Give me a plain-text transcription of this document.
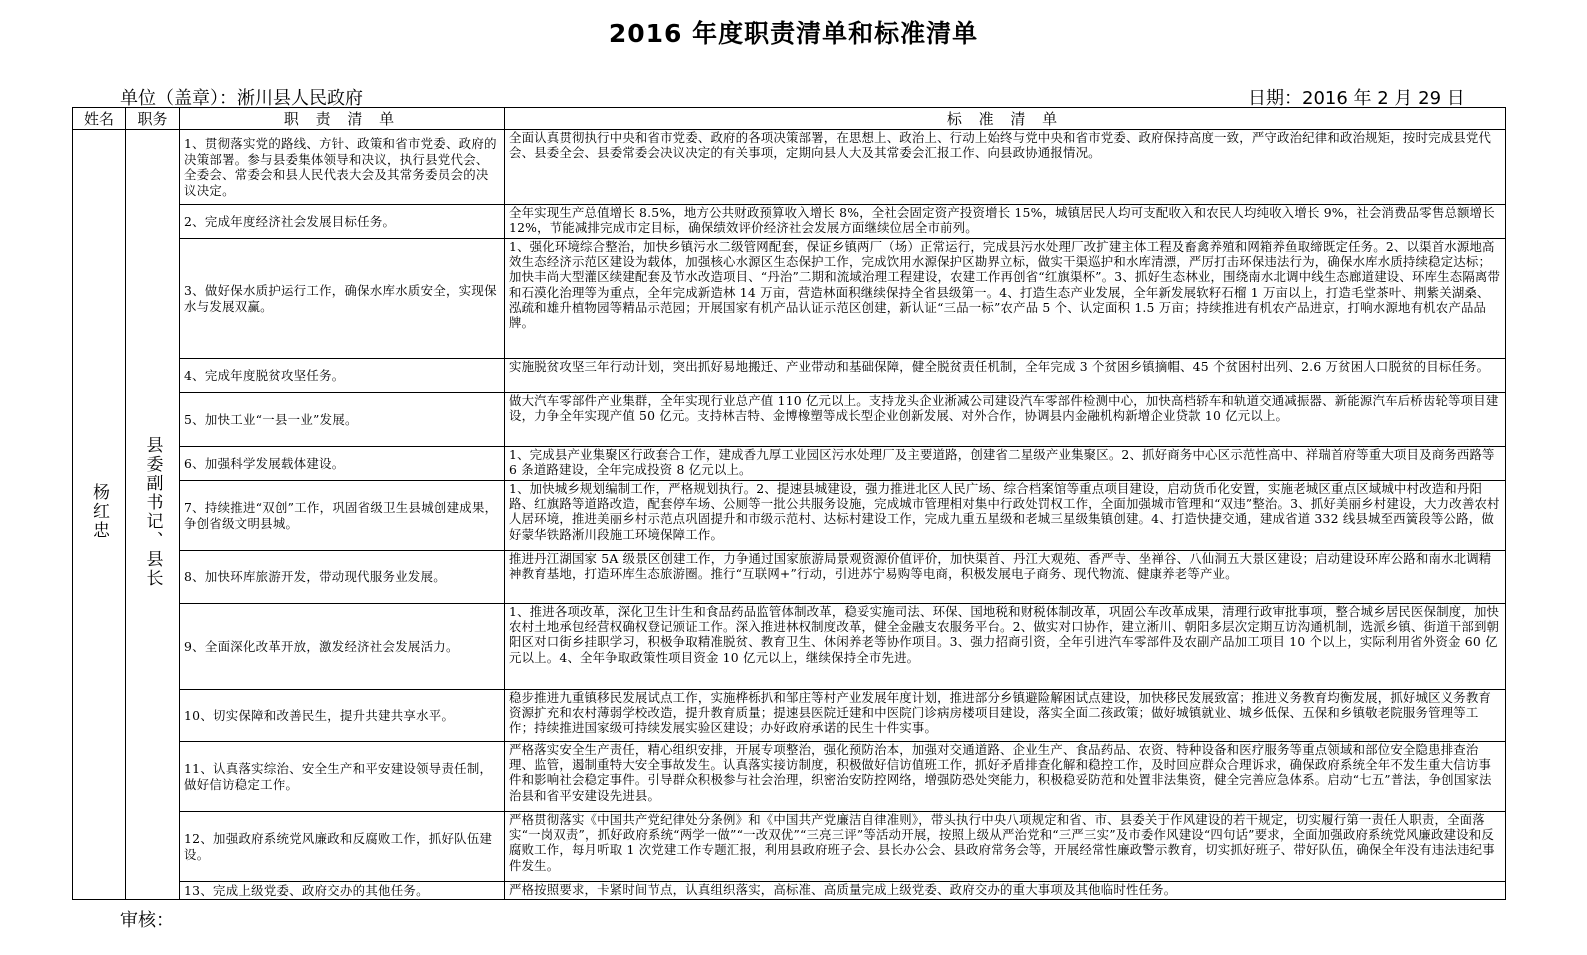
2016 年度职责清单和标准清单
单位（盖章）：淅川县人民政府	日期：2016 年 2 月 29 日
姓名	职务	职 责 清 单	标 准 清 单
杨红忠	县委副书记、县长	1、贯彻落实党的路线、方针、政策和省市党委、政府的决策部署。参与县委集体领导和决议，执行县党代会、全委会、常委会和县人民代表大会及其常务委员会的决议决定。	全面认真贯彻执行中央和省市党委、政府的各项决策部署，在思想上、政治上、行动上始终与党中央和省市党委、政府保持高度一致，严守政治纪律和政治规矩，按时完成县党代会、县委全会、县委常委会决议决定的有关事项，定期向县人大及其常委会汇报工作、向县政协通报情况。
		2、完成年度经济社会发展目标任务。	全年实现生产总值增长 8.5%，地方公共财政预算收入增长 8%，全社会固定资产投资增长 15%，城镇居民人均可支配收入和农民人均纯收入增长 9%，社会消费品零售总额增长 12%，节能减排完成市定目标，确保绩效评价经济社会发展方面继续位居全市前列。
		3、做好保水质护运行工作，确保水库水质安全，实现保水与发展双赢。	1、强化环境综合整治，加快乡镇污水二级管网配套，保证乡镇两厂（场）正常运行，完成县污水处理厂改扩建主体工程及畜禽养殖和网箱养鱼取缔既定任务。2、以渠首水源地高效生态经济示范区建设为载体，加强核心水源区生态保护工作，完成饮用水源保护区勘界立标，做实干渠巡护和水库清漂，严厉打击环保违法行为，确保水库水质持续稳定达标；加快丰尚大型灌区续建配套及节水改造项目、“丹治”二期和流域治理工程建设，农建工作再创省“红旗渠杯”。3、抓好生态林业，围绕南水北调中线生态廊道建设、环库生态隔离带和石漠化治理等为重点，全年完成新造林 14 万亩，营造林面积继续保持全省县级第一。4、打造生态产业发展，全年新发展软籽石榴 1 万亩以上，打造毛堂茶叶、荆紫关湖桑、泓疏和雄升植物园等精品示范园；开展国家有机产品认证示范区创建，新认证“三品一标”农产品 5 个、认定面积 1.5 万亩；持续推进有机农产品进京，打响水源地有机农产品品牌。
		4、完成年度脱贫攻坚任务。	实施脱贫攻坚三年行动计划，突出抓好易地搬迁、产业带动和基础保障，健全脱贫责任机制，全年完成 3 个贫困乡镇摘帽、45 个贫困村出列、2.6 万贫困人口脱贫的目标任务。
		5、加快工业“一县一业”发展。	做大汽车零部件产业集群，全年实现行业总产值 110 亿元以上。支持龙头企业淅减公司建设汽车零部件检测中心，加快高档轿车和轨道交通减振器、新能源汽车后桥齿轮等项目建设，力争全年实现产值 50 亿元。支持林吉特、金博橡塑等成长型企业创新发展、对外合作，协调县内金融机构新增企业贷款 10 亿元以上。
		6、加强科学发展载体建设。	1、完成县产业集聚区行政套合工作，建成香九厚工业园区污水处理厂及主要道路，创建省二星级产业集聚区。2、抓好商务中心区示范性高中、祥瑞首府等重大项目及商务西路等 6 条道路建设，全年完成投资 8 亿元以上。
		7、持续推进“双创”工作，巩固省级卫生县城创建成果，争创省级文明县城。	1、加快城乡规划编制工作，严格规划执行。2、提速县城建设，强力推进北区人民广场、综合档案馆等重点项目建设，启动货币化安置，实施老城区重点区域城中村改造和丹阳路、红旗路等道路改造，配套停车场、公厕等一批公共服务设施，完成城市管理相对集中行政处罚权工作，全面加强城市管理和“双违”整治。3、抓好美丽乡村建设，大力改善农村人居环境，推进美丽乡村示范点巩固提升和市级示范村、达标村建设工作，完成九重五星级和老城三星级集镇创建。4、打造快捷交通，建成省道 332 线县城至西簧段等公路，做好蒙华铁路淅川段施工环境保障工作。
		8、加快环库旅游开发，带动现代服务业发展。	推进丹江湖国家 5A 级景区创建工作，力争通过国家旅游局景观资源价值评价，加快渠首、丹江大观苑、香严寺、坐禅谷、八仙洞五大景区建设；启动建设环库公路和南水北调精神教育基地，打造环库生态旅游圈。推行“互联网+”行动，引进苏宁易购等电商，积极发展电子商务、现代物流、健康养老等产业。
		9、全面深化改革开放，激发经济社会发展活力。	1、推进各项改革，深化卫生计生和食品药品监管体制改革，稳妥实施司法、环保、国地税和财税体制改革，巩固公车改革成果，清理行政审批事项，整合城乡居民医保制度，加快农村土地承包经营权确权登记颁证工作。深入推进林权制度改革，健全金融支农服务平台。2、做实对口协作，建立淅川、朝阳多层次定期互访沟通机制，选派乡镇、街道干部到朝阳区对口街乡挂职学习，积极争取精准脱贫、教育卫生、休闲养老等协作项目。3、强力招商引资，全年引进汽车零部件及农副产品加工项目 10 个以上，实际利用省外资金 60 亿元以上。4、全年争取政策性项目资金 10 亿元以上，继续保持全市先进。
		10、切实保障和改善民生，提升共建共享水平。	稳步推进九重镇移民发展试点工作，实施桦栎扒和邹庄等村产业发展年度计划，推进部分乡镇避险解困试点建设，加快移民发展致富；推进义务教育均衡发展，抓好城区义务教育资源扩充和农村薄弱学校改造，提升教育质量；提速县医院迁建和中医院门诊病房楼项目建设，落实全面二孩政策；做好城镇就业、城乡低保、五保和乡镇敬老院服务管理等工作；持续推进国家级可持续发展实验区建设；办好政府承诺的民生十件实事。
		11、认真落实综治、安全生产和平安建设领导责任制，做好信访稳定工作。	严格落实安全生产责任，精心组织安排，开展专项整治，强化预防治本，加强对交通道路、企业生产、食品药品、农资、特种设备和医疗服务等重点领域和部位安全隐患排查治理、监管，遏制重特大安全事故发生。认真落实接访制度，积极做好信访值班工作，抓好矛盾排查化解和稳控工作，及时回应群众合理诉求，确保政府系统全年不发生重大信访事件和影响社会稳定事件。引导群众积极参与社会治理，织密治安防控网络，增强防恐处突能力，积极稳妥防范和处置非法集资，健全完善应急体系。启动“七五”普法，争创国家法治县和省平安建设先进县。
		12、加强政府系统党风廉政和反腐败工作，抓好队伍建设。	严格贯彻落实《中国共产党纪律处分条例》和《中国共产党廉洁自律准则》，带头执行中央八项规定和省、市、县委关于作风建设的若干规定，切实履行第一责任人职责，全面落实“一岗双责”，抓好政府系统“两学一做”“一改双优”“三亮三评”等活动开展，按照上级从严治党和“三严三实”及市委作风建设“四句话”要求，全面加强政府系统党风廉政建设和反腐败工作，每月听取 1 次党建工作专题汇报，利用县政府班子会、县长办公会、县政府常务会等，开展经常性廉政警示教育，切实抓好班子、带好队伍，确保全年没有违法违纪事件发生。
		13、完成上级党委、政府交办的其他任务。	严格按照要求，卡紧时间节点，认真组织落实，高标准、高质量完成上级党委、政府交办的重大事项及其他临时性任务。
审核：
